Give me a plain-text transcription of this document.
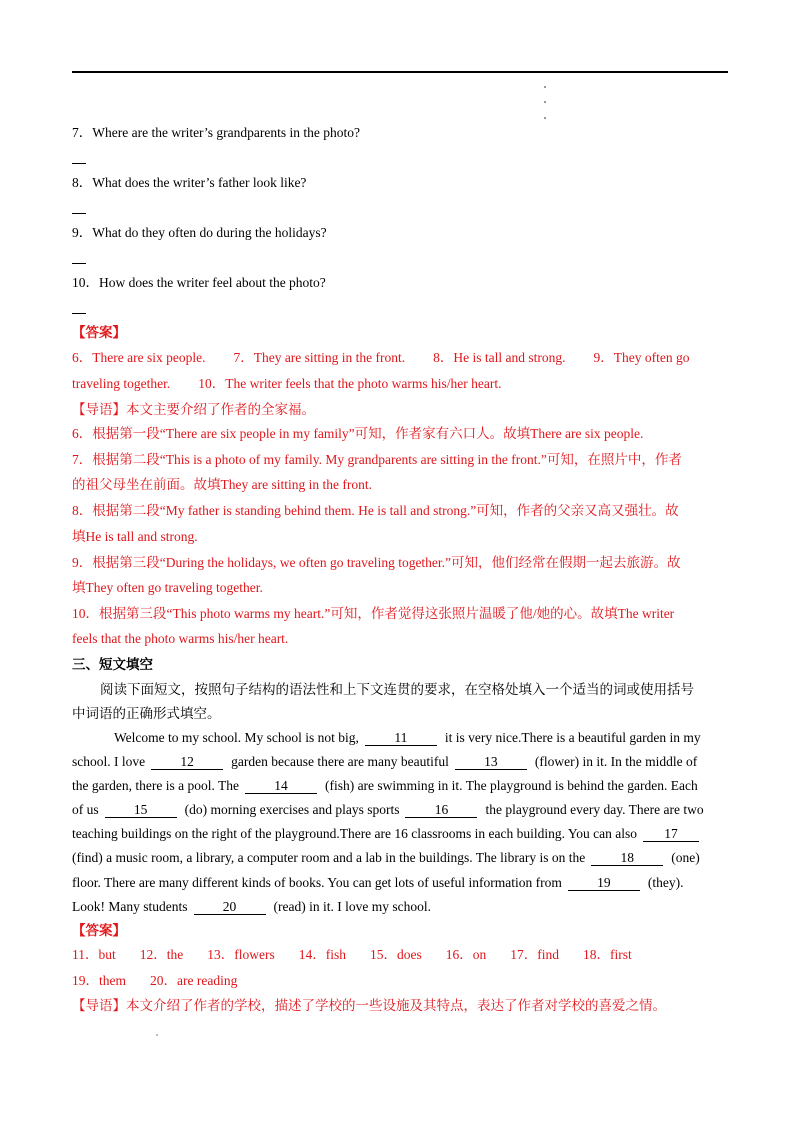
7．Where are the writer’s grandparents in the photo?
8．What does the writer’s father look like?
9．What do they often do during the holidays?
10．How does the writer feel about the photo?
【答案】
6．There are six people. 7．They are sitting in the front. 8．He is tall and strong. 9．They often go
traveling together. 10．The writer feels that the photo warms his/her heart.
【导语】本文主要介绍了作者的全家福。
6．根据第一段“There are six people in my family”可知，作者家有六口人。故填There are six people.
7．根据第二段“This is a photo of my family. My grandparents are sitting in the front.”可知，在照片中，作者
的祖父母坐在前面。故填They are sitting in the front.
8．根据第二段“My father is standing behind them. He is tall and strong.”可知，作者的父亲又高又强壮。故
填He is tall and strong.
9．根据第三段“During the holidays, we often go traveling together.”可知，他们经常在假期一起去旅游。故
填They often go traveling together.
10．根据第三段“This photo warms my heart.”可知，作者觉得这张照片温暖了他/她的心。故填The writer
feels that the photo warms his/her heart.
三、短文填空
阅读下面短文，按照句子结构的语法性和上下文连贯的要求，在空格处填入一个适当的词或使用括号
中词语的正确形式填空。
Welcome to my school. My school is not big,	11	it is very nice.There is a beautiful garden in my
school. I love	12	garden because there are many beautiful	13	(flower) in it. In the middle of
the garden, there is a pool. The	14	(fish) are swimming in it. The playground is behind the garden. Each
of us	15	(do) morning exercises and plays sports	16	the playground every day. There are two
teaching buildings on the right of the playground.There are 16 classrooms in each building. You can also 17
(find) a music room, a library, a computer room and a lab in the buildings. The library is on the	18	(one)
floor. There are many different kinds of books. You can get lots of useful information from	19	(they).
Look! Many students	20	(read) in it. I love my school.
【答案】
11．but 12．the 13．flowers 14．fish 15．does 16．on 17．find 18．first
19．them 20．are reading
【导语】本文介绍了作者的学校，描述了学校的一些设施及其特点，表达了作者对学校的喜爱之情。
